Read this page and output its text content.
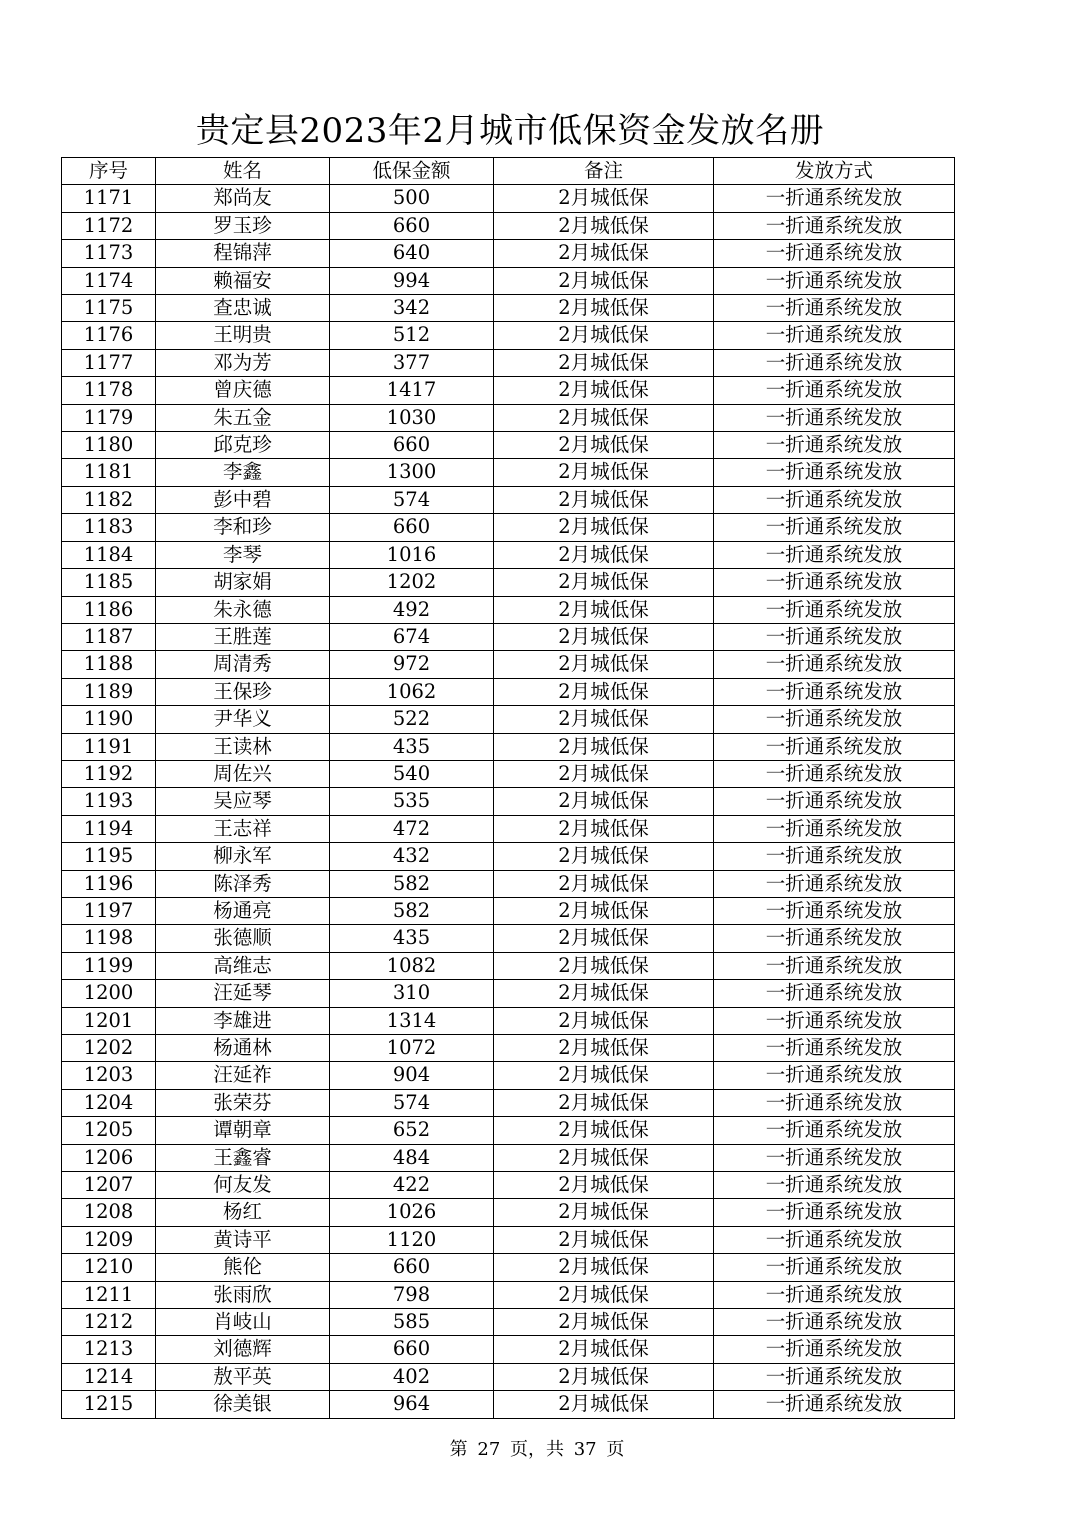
贵定县2023年2月城市低保资金发放名册
序号	姓名	低保金额	备注	发放方式
1171	郑尚友	500	2月城低保	一折通系统发放
1172	罗玉珍	660	2月城低保	一折通系统发放
1173	程锦萍	640	2月城低保	一折通系统发放
1174	赖福安	994	2月城低保	一折通系统发放
1175	查忠诚	342	2月城低保	一折通系统发放
1176	王明贵	512	2月城低保	一折通系统发放
1177	邓为芳	377	2月城低保	一折通系统发放
1178	曾庆德	1417	2月城低保	一折通系统发放
1179	朱五金	1030	2月城低保	一折通系统发放
1180	邱克珍	660	2月城低保	一折通系统发放
1181	李鑫	1300	2月城低保	一折通系统发放
1182	彭中碧	574	2月城低保	一折通系统发放
1183	李和珍	660	2月城低保	一折通系统发放
1184	李琴	1016	2月城低保	一折通系统发放
1185	胡家娟	1202	2月城低保	一折通系统发放
1186	朱永德	492	2月城低保	一折通系统发放
1187	王胜莲	674	2月城低保	一折通系统发放
1188	周清秀	972	2月城低保	一折通系统发放
1189	王保珍	1062	2月城低保	一折通系统发放
1190	尹华义	522	2月城低保	一折通系统发放
1191	王读林	435	2月城低保	一折通系统发放
1192	周佐兴	540	2月城低保	一折通系统发放
1193	吴应琴	535	2月城低保	一折通系统发放
1194	王志祥	472	2月城低保	一折通系统发放
1195	柳永军	432	2月城低保	一折通系统发放
1196	陈泽秀	582	2月城低保	一折通系统发放
1197	杨通亮	582	2月城低保	一折通系统发放
1198	张德顺	435	2月城低保	一折通系统发放
1199	高维志	1082	2月城低保	一折通系统发放
1200	汪延琴	310	2月城低保	一折通系统发放
1201	李雄进	1314	2月城低保	一折通系统发放
1202	杨通林	1072	2月城低保	一折通系统发放
1203	汪延祚	904	2月城低保	一折通系统发放
1204	张荣芬	574	2月城低保	一折通系统发放
1205	谭朝章	652	2月城低保	一折通系统发放
1206	王鑫睿	484	2月城低保	一折通系统发放
1207	何友发	422	2月城低保	一折通系统发放
1208	杨红	1026	2月城低保	一折通系统发放
1209	黄诗平	1120	2月城低保	一折通系统发放
1210	熊伦	660	2月城低保	一折通系统发放
1211	张雨欣	798	2月城低保	一折通系统发放
1212	肖岐山	585	2月城低保	一折通系统发放
1213	刘德辉	660	2月城低保	一折通系统发放
1214	敖平英	402	2月城低保	一折通系统发放
1215	徐美银	964	2月城低保	一折通系统发放
第 27 页，共 37 页
